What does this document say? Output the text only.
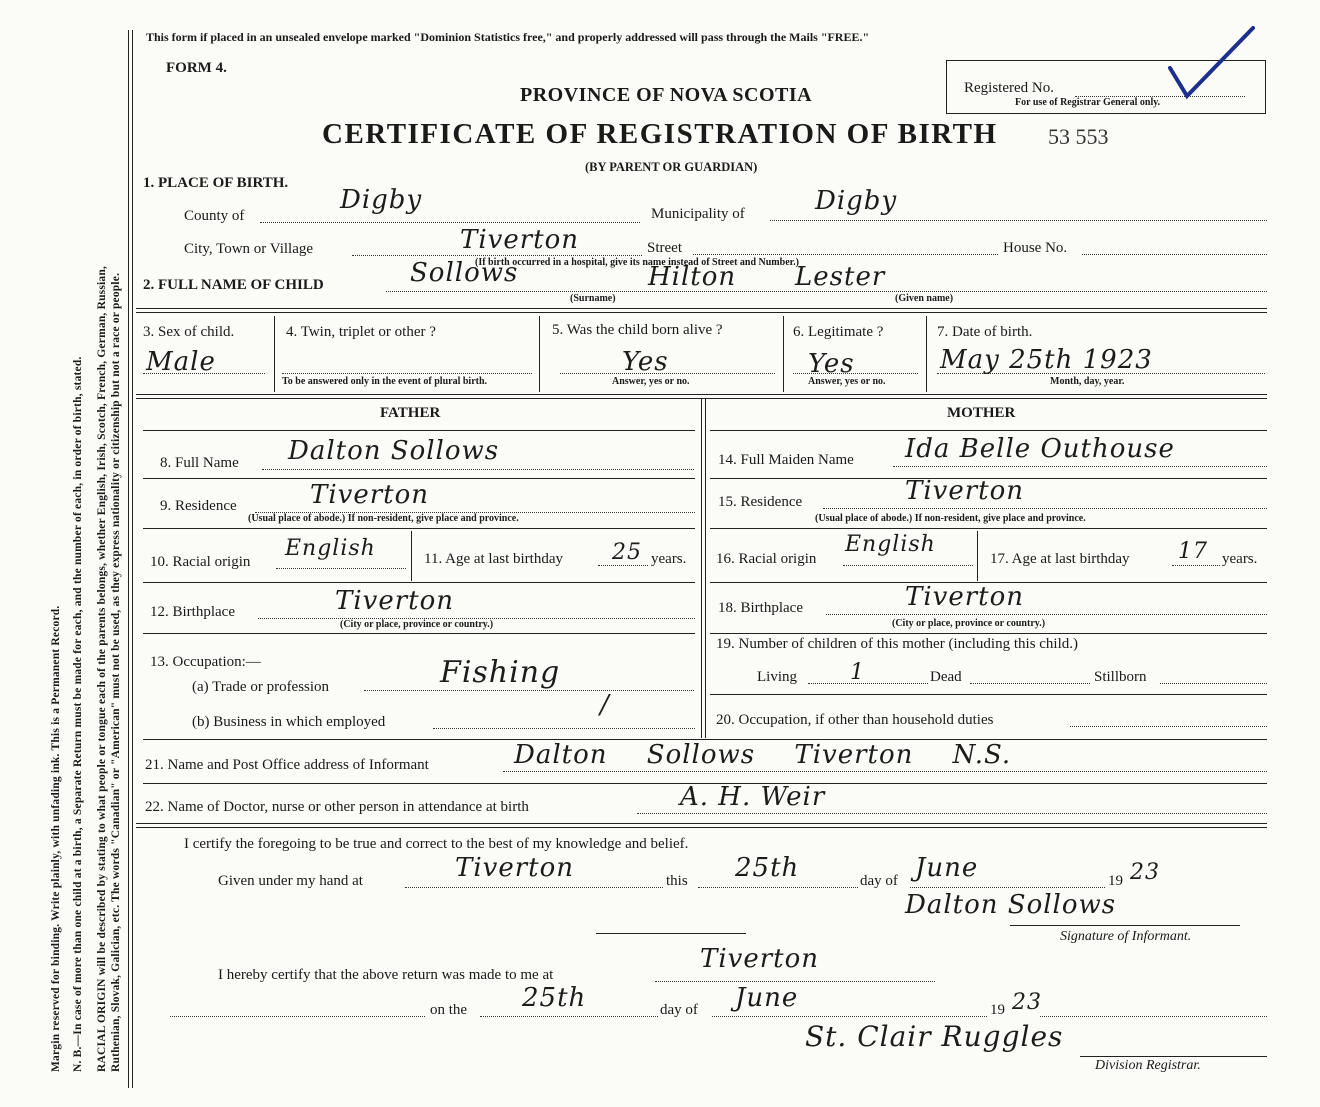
Margin reserved for binding. Write plainly, with unfading ink. This is a Permanent Record. N. B.—In case of more than one child at a birth, a Separate Return must be made for each, and the number of each, in order of birth, stated. RACIAL ORIGIN will be described by stating to what people or tongue each of the parents belongs, whether English, Irish, Scotch, French, German, Russian, Ruthenian, Slovak, Galician, etc. The words "Canadian" or "American" must not be used, as they express nationality or citizenship but not a race or people.
This form if placed in an unsealed envelope marked "Dominion Statistics free," and properly addressed will pass through the Mails "FREE."
FORM 4.
PROVINCE OF NOVA SCOTIA
CERTIFICATE OF REGISTRATION OF BIRTH
(BY PARENT OR GUARDIAN)
53 553
Registered No.
For use of Registrar General only.
1. PLACE OF BIRTH.
County of
Digby	Municipality of	Digby
City, Town or Village	Tiverton	Street	House No.
(If birth occurred in a hospital, give its name instead of Street and Number.)
2. FULL NAME OF CHILD	Sollows	Hilton Lester
(Surname)	(Given name)
3. Sex of child.
Male
4. Twin, triplet or other ?
To be answered only in the event of plural birth.
5. Was the child born alive ?
Yes
Answer, yes or no.
6. Legitimate ?
Yes
Answer, yes or no.
7. Date of birth.
May 25th 1923
Month, day, year.
FATHER	MOTHER
8. Full Name Dalton Sollows
9. Residence	Tiverton
(Usual place of abode.) If non-resident, give place and province.
10. Racial origin
English	11. Age at last birthday 25 years.
12. Birthplace	Tiverton
(City or place, province or country.)
13. Occupation:—
(a) Trade or profession	Fishing
(b) Business in which employed
/
14. Full Maiden Name Ida Belle Outhouse
15. Residence	Tiverton
(Usual place of abode.) If non-resident, give place and province.
16. Racial origin
English
17. Age at last birthday 17 years.
18. Birthplace	Tiverton
(City or place, province or country.)
19. Number of children of this mother (including this child.)
Living 1	Dead	Stillborn
20. Occupation, if other than household duties
21. Name and Post Office address of Informant	Dalton Sollows Tiverton N.S.
22. Name of Doctor, nurse or other person in attendance at birth	A. H. Weir
I certify the foregoing to be true and correct to the best of my knowledge and belief.
Given under my hand at	Tiverton	this 25th	day of June	19 23
Dalton Sollows
Signature of Informant.
I hereby certify that the above return was made to me at
Tiverton
on the 25th	day of June	19 23
St. Clair Ruggles
Division Registrar.
